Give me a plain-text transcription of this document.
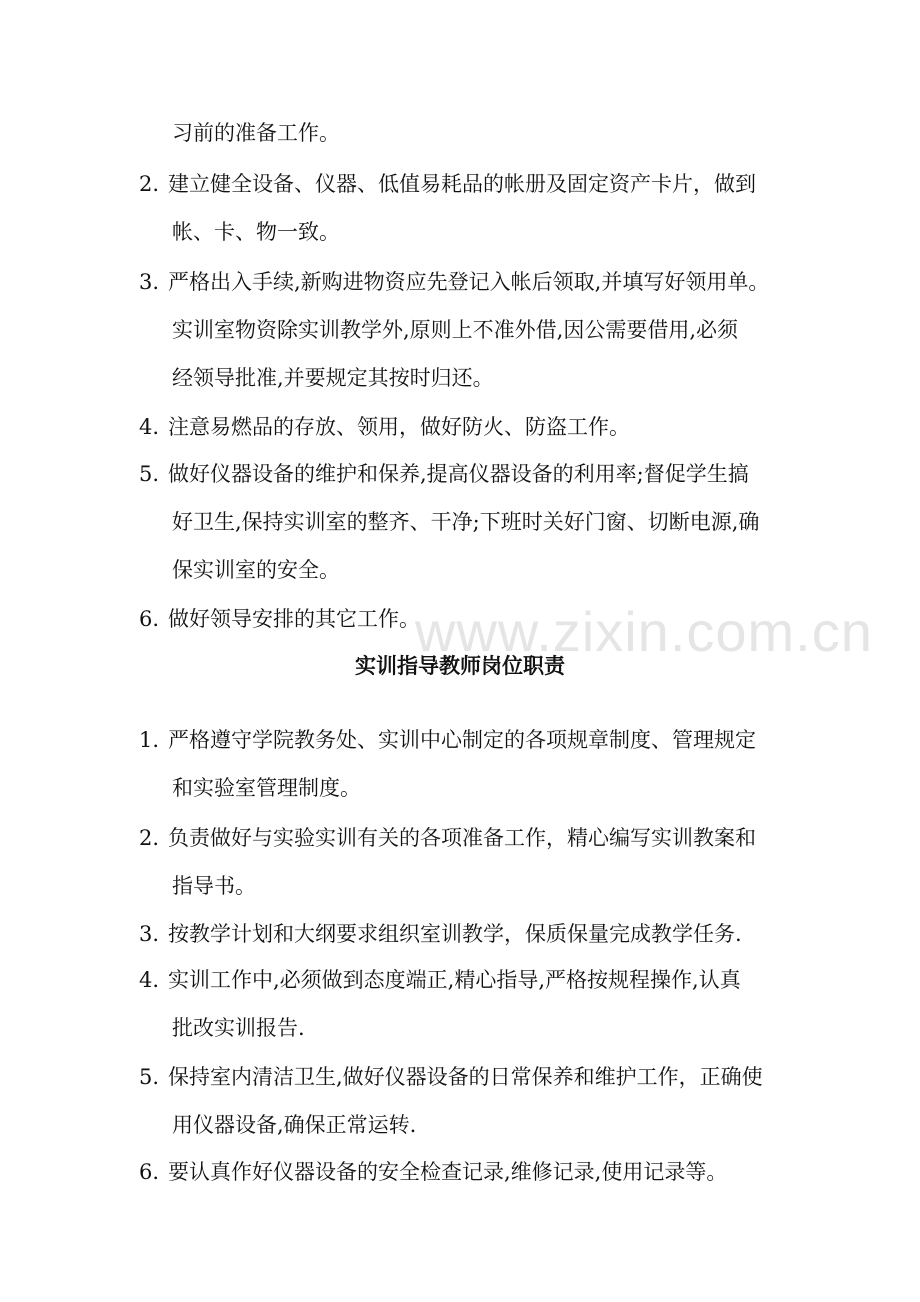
习前的准备工作。
2. 建立健全设备、仪器、低值易耗品的帐册及固定资产卡片，做到
帐、卡、物一致。
3. 严格出入手续,新购进物资应先登记入帐后领取,并填写好领用单。
实训室物资除实训教学外,原则上不准外借,因公需要借用,必须
经领导批准,并要规定其按时归还。
4. 注意易燃品的存放、领用，做好防火、防盗工作。
5. 做好仪器设备的维护和保养,提高仪器设备的利用率;督促学生搞
好卫生,保持实训室的整齐、干净;下班时关好门窗、切断电源,确
保实训室的安全。
6. 做好领导安排的其它工作。
www.zixin.com.cn
实训指导教师岗位职责
1. 严格遵守学院教务处、实训中心制定的各项规章制度、管理规定
和实验室管理制度。
2. 负责做好与实验实训有关的各项准备工作，精心编写实训教案和
指导书。
3. 按教学计划和大纲要求组织室训教学，保质保量完成教学任务.
4. 实训工作中,必须做到态度端正,精心指导,严格按规程操作,认真
批改实训报告.
5. 保持室内清洁卫生,做好仪器设备的日常保养和维护工作，正确使
用仪器设备,确保正常运转.
6. 要认真作好仪器设备的安全检查记录,维修记录,使用记录等。
